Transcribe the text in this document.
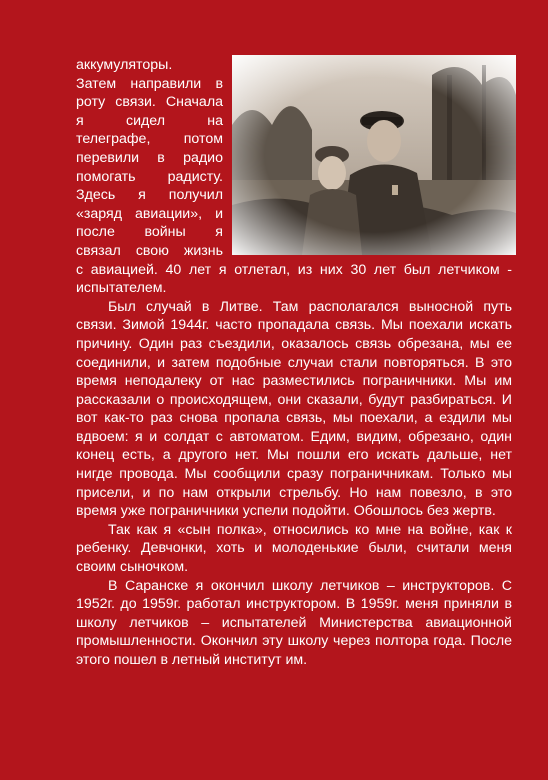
аккумуляторы.
Затем направили в
роту связи. Сначала
я сидел на
телеграфе, потом
перевили в радио
помогать радисту.
Здесь я получил
«заряд авиации», и
после войны я
связал свою жизнь
с авиацией. 40 лет я отлетал, из них 30 лет был летчиком -
испытателем.

Был случай в Литве. Там располагался выносной путь связи. Зимой 1944г. часто пропадала связь. Мы поехали искать причину. Один раз съездили, оказалось связь обрезана, мы ее соединили, и затем подобные случаи стали повторяться. В это время неподалеку от нас разместились пограничники. Мы им рассказали о происходящем, они сказали, будут разбираться. И вот как-то раз снова пропала связь, мы поехали, а ездили мы вдвоем: я и солдат с автоматом. Едим, видим, обрезано, один конец есть, а другого нет. Мы пошли его искать дальше, нет нигде провода. Мы сообщили сразу пограничникам. Только мы присели, и по нам открыли стрельбу. Но нам повезло, в это время уже пограничники успели подойти. Обошлось без жертв.

Так как я «сын полка», относились ко мне на войне, как к ребенку. Девчонки, хоть и молоденькие были, считали меня своим сыночком.

В Саранске я окончил школу летчиков – инструкторов. С 1952г. до 1959г. работал инструктором. В 1959г. меня приняли в школу летчиков – испытателей Министерства авиационной промышленности. Окончил эту школу через полтора года. После этого пошел в летный институт им.
